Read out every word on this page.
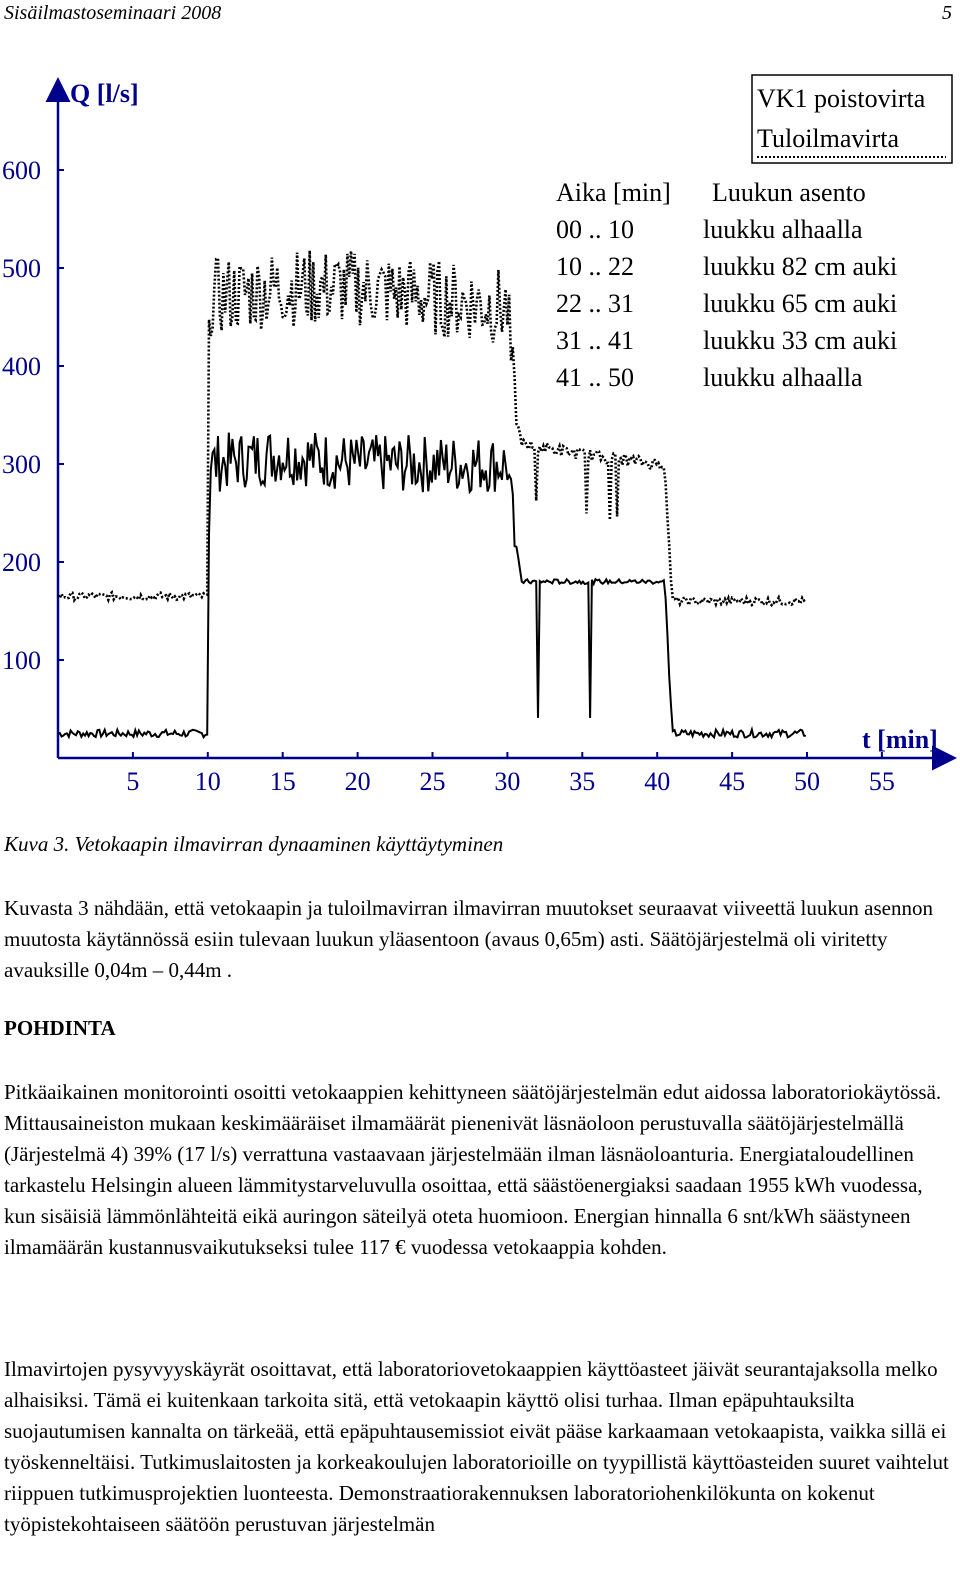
Sisäilmastoseminaari 2008	5
5 10 15 20 25 30 35 40 45 50 55
100
200
300
400
500
600
Q [l/s]
t [min]
VK1 poistovirta
Tuloilmavirta
Aika [min] Luukun asento
00 .. 10	luukku alhaalla
10 .. 22	luukku 82 cm auki
22 .. 31	luukku 65 cm auki
31 .. 41	luukku 33 cm auki
41 .. 50	luukku alhaalla
Kuva 3. Vetokaapin ilmavirran dynaaminen käyttäytyminen

Kuvasta 3 nähdään, että vetokaapin ja tuloilmavirran ilmavirran muutokset seuraavat viiveettä luukun asennon muutosta käytännössä esiin tulevaan luukun yläasentoon (avaus 0,65m) asti. Säätöjärjestelmä oli viritetty avauksille 0,04m – 0,44m .

POHDINTA

Pitkäaikainen monitorointi osoitti vetokaappien kehittyneen säätöjärjestelmän edut aidossa laboratoriokäytössä. Mittausaineiston mukaan keskimääräiset ilmamäärät pienenivät läsnäoloon perustuvalla säätöjärjestelmällä (Järjestelmä 4) 39% (17 l/s) verrattuna vastaavaan järjestelmään ilman läsnäoloanturia. Energiataloudellinen tarkastelu Helsingin alueen lämmitystarveluvulla osoittaa, että säästöenergiaksi saadaan 1955 kWh vuodessa, kun sisäisiä lämmönlähteitä eikä auringon säteilyä oteta huomioon. Energian hinnalla 6 snt/kWh säästyneen ilmamäärän kustannusvaikutukseksi tulee 117 € vuodessa vetokaappia kohden.

Ilmavirtojen pysyvyyskäyrät osoittavat, että laboratoriovetokaappien käyttöasteet jäivät seurantajaksolla melko alhaisiksi. Tämä ei kuitenkaan tarkoita sitä, että vetokaapin käyttö olisi turhaa. Ilman epäpuhtauksilta suojautumisen kannalta on tärkeää, että epäpuhtausemissiot eivät pääse karkaamaan vetokaapista, vaikka sillä ei työskenneltäisi. Tutkimuslaitosten ja korkeakoulujen laboratorioille on tyypillistä käyttöasteiden suuret vaihtelut riippuen tutkimusprojektien luonteesta. Demonstraatiorakennuksen laboratoriohenkilökunta on kokenut työpistekohtaiseen säätöön perustuvan järjestelmän
